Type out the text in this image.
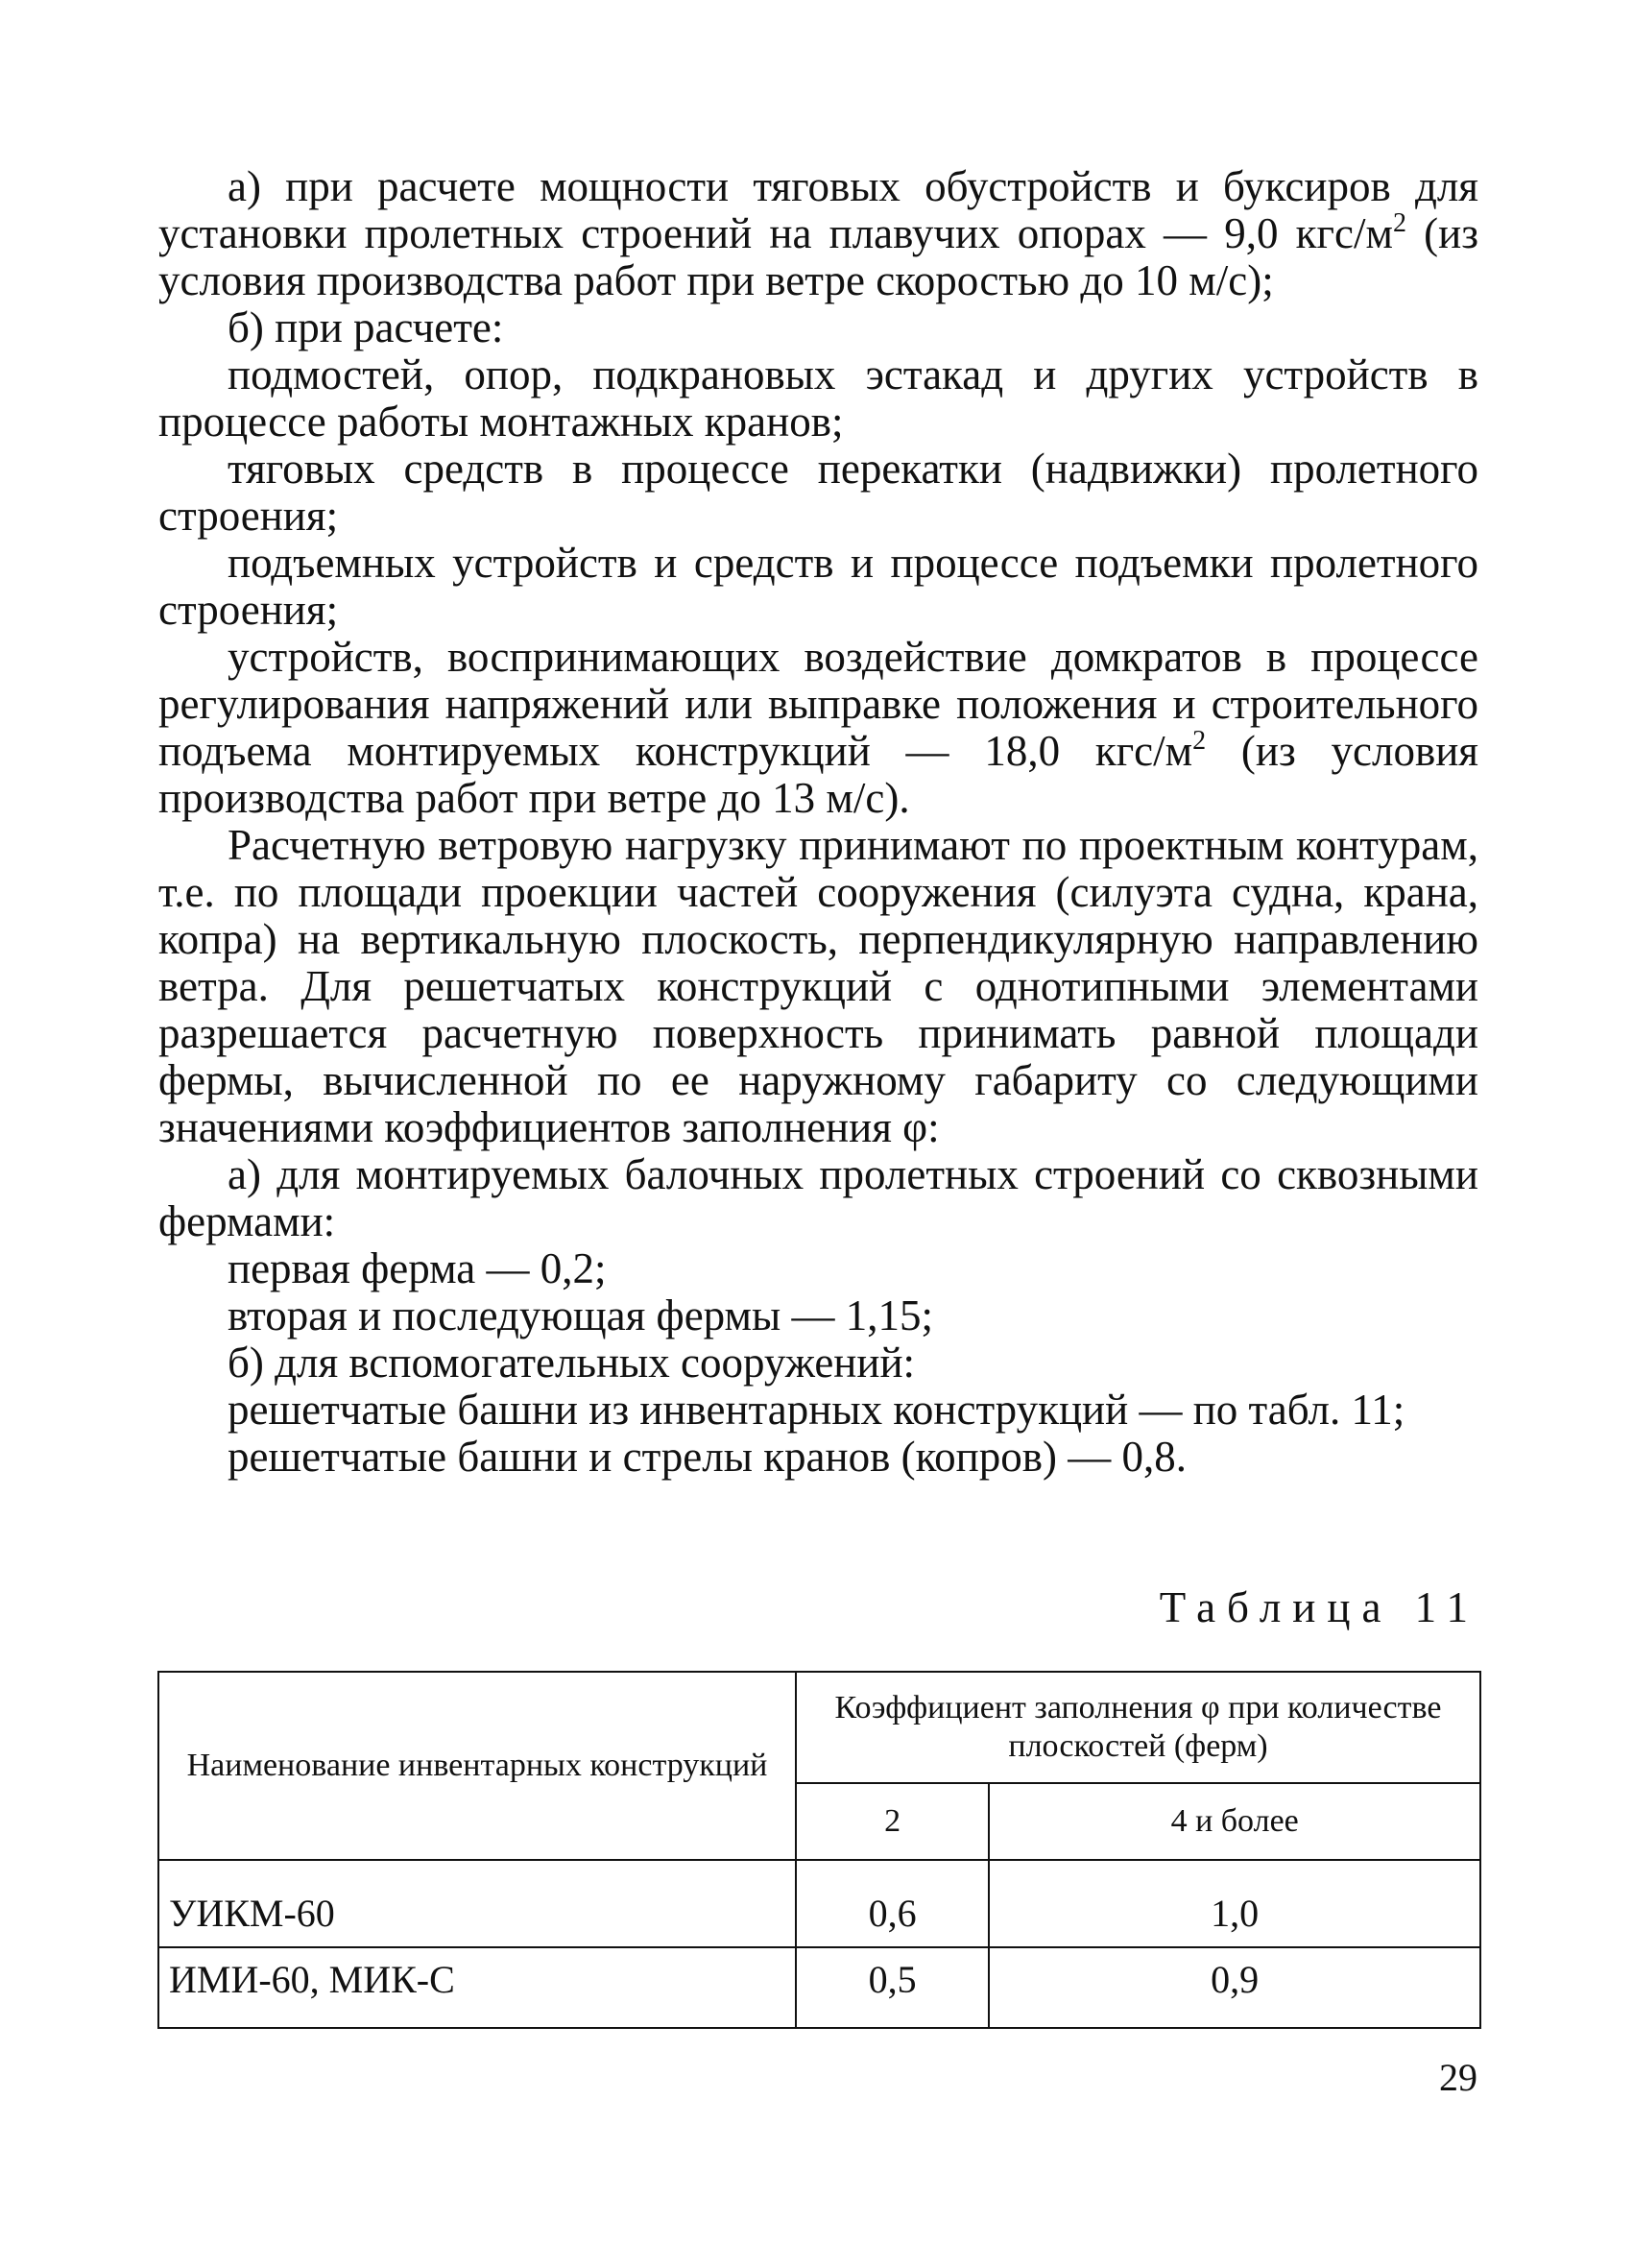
а) при расчете мощности тяговых обустройств и буксиров для установки пролетных строений на плавучих опорах — 9,0 кгс/$м^2$ (из условия производства работ при ветре скоростью до 10 м/с);

б) при расчете:

подмостей, опор, подкрановых эстакад и других устройств в процессе работы монтажных кранов;

тяговых средств в процессе перекатки (надвижки) пролетного строения;

подъемных устройств и средств и процессе подъемки пролетного строения;

устройств, воспринимающих воздействие домкратов в процессе регулирования напряжений или выправке положения и строительного подъема монтируемых конструкций — 18,0 кгс/$м^2$ (из условия производства работ при ветре до 13 м/с).

Расчетную ветровую нагрузку принимают по проектным контурам, т.е. по площади проекции частей сооружения (силуэта судна, крана, копра) на вертикальную плоскость, перпендикулярную направлению ветра. Для решетчатых конструкций с однотипными элементами разрешается расчетную поверхность принимать равной площади фермы, вычисленной по ее наружному габариту со следующими значениями коэффициентов заполнения φ:

а) для монтируемых балочных пролетных строений со сквозными фермами:

первая ферма — 0,2;

вторая и последующая фермы — 1,15;

б) для вспомогательных сооружений:

решетчатые башни из инвентарных конструкций — по табл. 11;

решетчатые башни и стрелы кранов (копров) — 0,8.

Таблица 11
Наименование инвентарных конструкций	Коэффициент заполнения φ при количестве плоскостей (ферм)	
	2	4 и более
УИКМ-60	0,6	1,0
ИМИ-60, МИК-С	0,5	0,9
29
